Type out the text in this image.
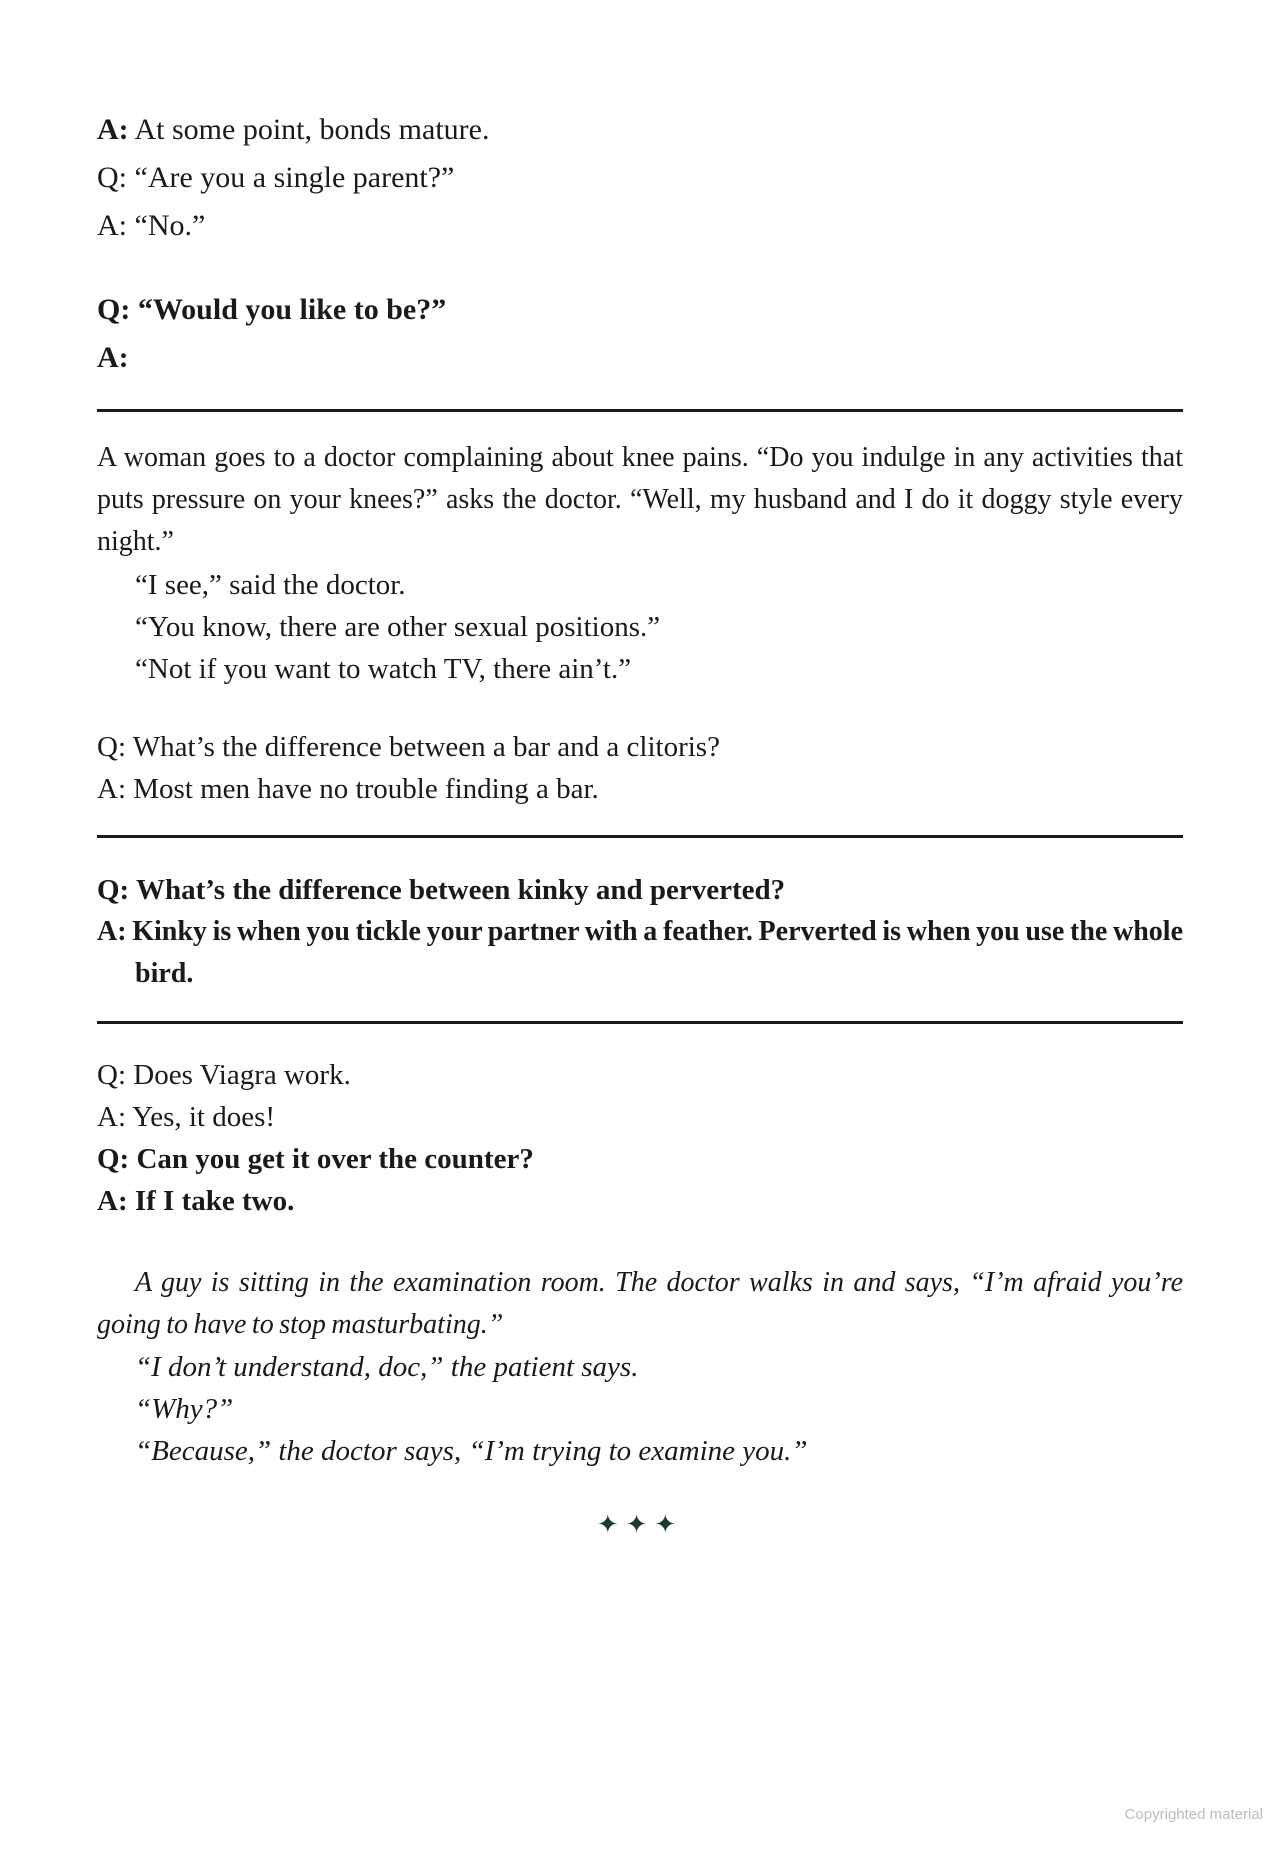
A: At some point, bonds mature.

Q: “Are you a single parent?”

A: “No.”

Q: “Would you like to be?”

A:

A woman goes to a doctor complaining about knee pains. “Do you indulge in any activities that puts pressure on your knees?” asks the doctor. “Well, my husband and I do it doggy style every night.”

“I see,” said the doctor.

“You know, there are other sexual positions.”

“Not if you want to watch TV, there ain’t.”

Q: What’s the difference between a bar and a clitoris?

A: Most men have no trouble finding a bar.

Q: What’s the difference between kinky and perverted?

A: Kinky is when you tickle your partner with a feather. Perverted is when you use the whole bird.

Q: Does Viagra work.

A: Yes, it does!

Q: Can you get it over the counter?

A: If I take two.

A guy is sitting in the examination room. The doctor walks in and says, “I’m afraid you’re going to have to stop masturbating.”

“I don’t understand, doc,” the patient says.

“Why?”

“Because,” the doctor says, “I’m trying to examine you.”

✦✦✦
Copyrighted material
